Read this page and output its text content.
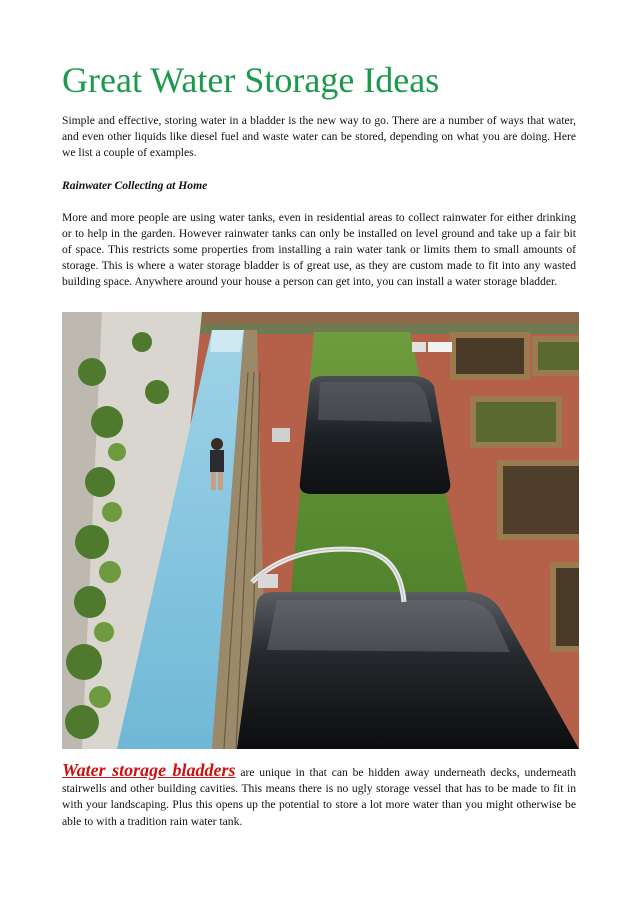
Great Water Storage Ideas

Simple and effective, storing water in a bladder is the new way to go. There are a number of ways that water, and even other liquids like diesel fuel and waste water can be stored, depending on what you are doing. Here we list a couple of examples.

Rainwater Collecting at Home

More and more people are using water tanks, even in residential areas to collect rainwater for either drinking or to help in the garden. However rainwater tanks can only be installed on level ground and take up a fair bit of space. This restricts some properties from installing a rain water tank or limits them to small amounts of storage. This is where a water storage bladder is of great use, as they are custom made to fit into any wasted building space. Anywhere around your house a person can get into, you can install a water storage bladder.

Water storage bladders are unique in that can be hidden away underneath decks, underneath stairwells and other building cavities. This means there is no ugly storage vessel that has to be made to fit in with your landscaping. Plus this opens up the potential to store a lot more water than you might otherwise be able to with a tradition rain water tank.
